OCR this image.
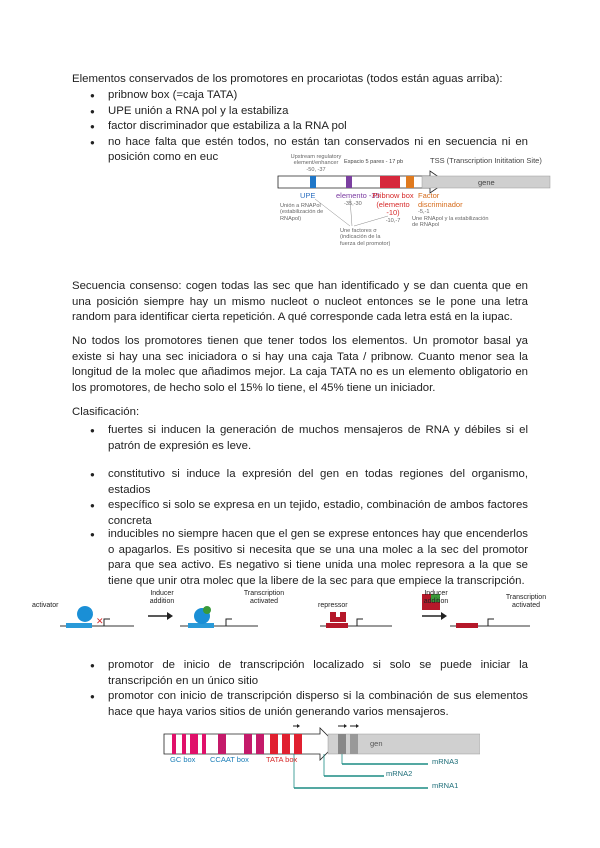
Elementos conservados de los promotores en procariotas (todos están aguas arriba):
● pribnow box (=caja TATA)
● UPE unión a RNA pol y la estabiliza
● factor discriminador que estabiliza a la RNA pol
● no hace falta que estén todos, no están tan conservados ni en secuencia ni en posición como en euc	Upstream regulatory element/enhancer
-50, -37
Espacio 5 pares - 17 pb	TSS (Transcription Inititation Site)
gene
UPE
Unión a RNAPol (estabilización de RNApol)
elemento -35
-35,-30
Pribnow box (elemento -10)
-10,-7
Factor discriminador
-5,-1
Une RNApol y la estabilización de RNApol
Une factores σ (indicación de la fuerza del promotor)
Secuencia consenso: cogen todas las sec que han identificado y se dan cuenta que en una posición siempre hay un mismo nucleot o nucleot entonces se le pone una letra random para identificar cierta repetición. A qué corresponde cada letra está en la iupac.
No todos los promotores tienen que tener todos los elementos. Un promotor basal ya existe si hay una sec iniciadora o si hay una caja Tata / pribnow. Cuanto menor sea la longitud de la molec que añadimos mejor. La caja TATA no es un elemento obligatorio en los promotores, de hecho solo el 15% lo tiene, el 45% tiene un iniciador.
Clasificación:
● fuertes si inducen la generación de muchos mensajeros de RNA y débiles si el patrón de expresión es leve.
● constitutivo si induce la expresión del gen en todas regiones del organismo, estadios
● específico si solo se expresa en un tejido, estadio, combinación de ambos factores concreta
● inducibles no siempre hacen que el gen se exprese entonces hay que encenderlos o apagarlos. Es positivo si necesita que se una una molec a la sec del promotor para que sea activo. Es negativo si tiene unida una molec represora a la que se tiene que unir otra molec que la libere de la sec para que empiece la transcripción.
✕
activator
Inducer addition
Transcription activated
repressor
Inducer addition
Transcription activated
● promotor de inicio de transcripción localizado si solo se puede iniciar la transcripción en un único sitio
● promotor con inicio de transcripción disperso si la combinación de sus elementos hace que haya varios sitios de unión generando varios mensajeros.
gen
GC box CCAAT box TATA box	mRNA3
mRNA2
mRNA1
